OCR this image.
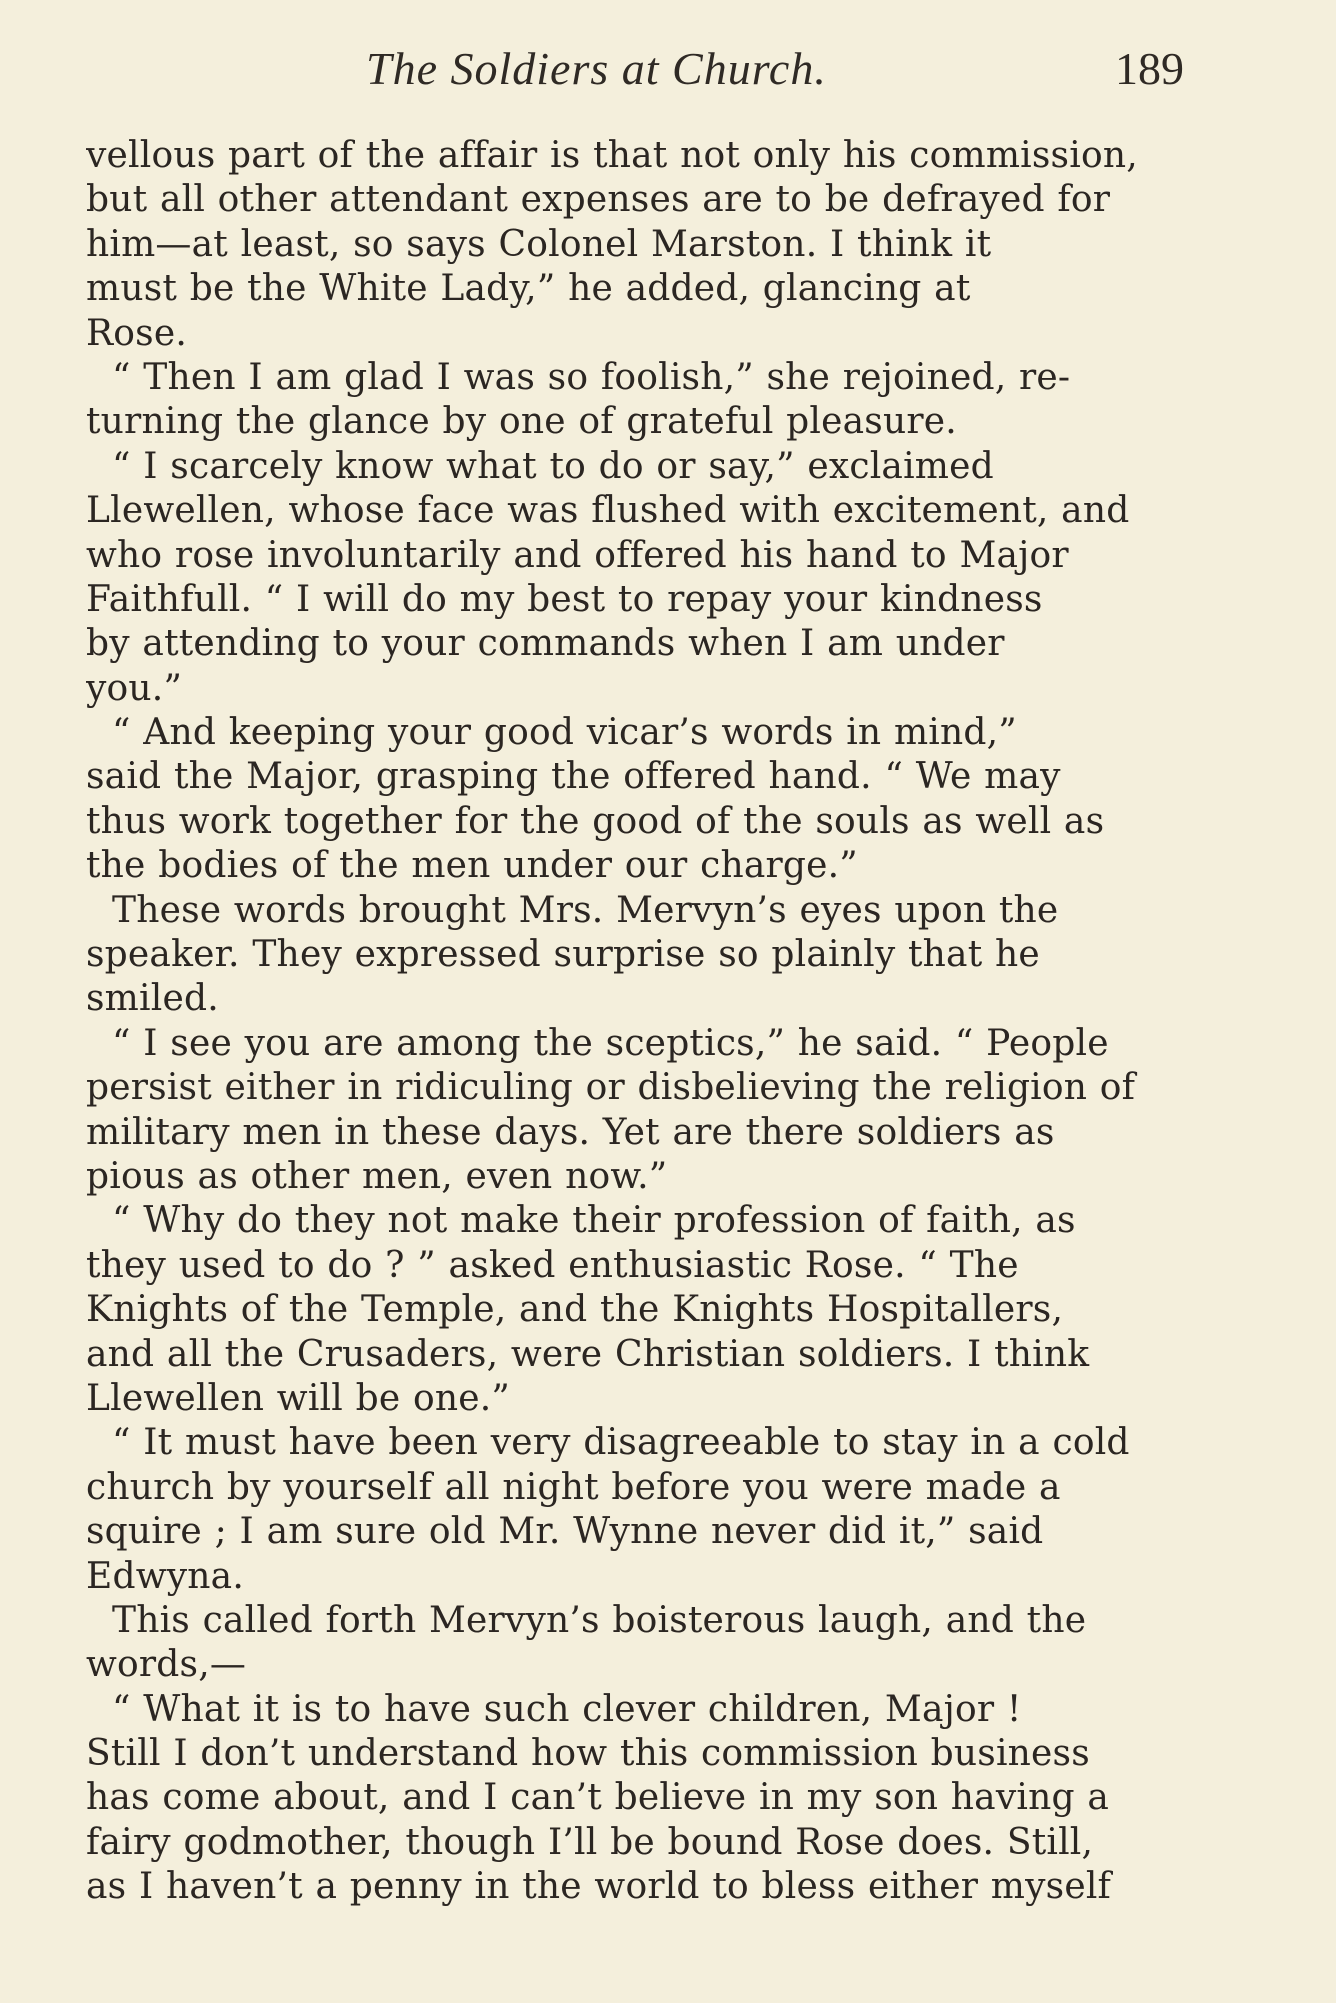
The Soldiers at Church.	189
vellous part of the affair is that not only his commission,
but all other attendant expenses are to be defrayed for
him—at least, so says Colonel Marston. I think it
must be the White Lady,” he added, glancing at
Rose.
“ Then I am glad I was so foolish,” she rejoined, re-
turning the glance by one of grateful pleasure.
“ I scarcely know what to do or say,” exclaimed
Llewellen, whose face was flushed with excitement, and
who rose involuntarily and offered his hand to Major
Faithfull. “ I will do my best to repay your kindness
by attending to your commands when I am under
you.”
“ And keeping your good vicar’s words in mind,”
said the Major, grasping the offered hand. “ We may
thus work together for the good of the souls as well as
the bodies of the men under our charge.”
These words brought Mrs. Mervyn’s eyes upon the
speaker. They expressed surprise so plainly that he
smiled.
“ I see you are among the sceptics,” he said. “ People
persist either in ridiculing or disbelieving the religion of
military men in these days. Yet are there soldiers as
pious as other men, even now.”
“ Why do they not make their profession of faith, as
they used to do ? ” asked enthusiastic Rose. “ The
Knights of the Temple, and the Knights Hospitallers,
and all the Crusaders, were Christian soldiers. I think
Llewellen will be one.”
“ It must have been very disagreeable to stay in a cold
church by yourself all night before you were made a
squire ; I am sure old Mr. Wynne never did it,” said
Edwyna.
This called forth Mervyn’s boisterous laugh, and the
words,—
“ What it is to have such clever children, Major !
Still I don’t understand how this commission business
has come about, and I can’t believe in my son having a
fairy godmother, though I’ll be bound Rose does. Still,
as I haven’t a penny in the world to bless either myself
